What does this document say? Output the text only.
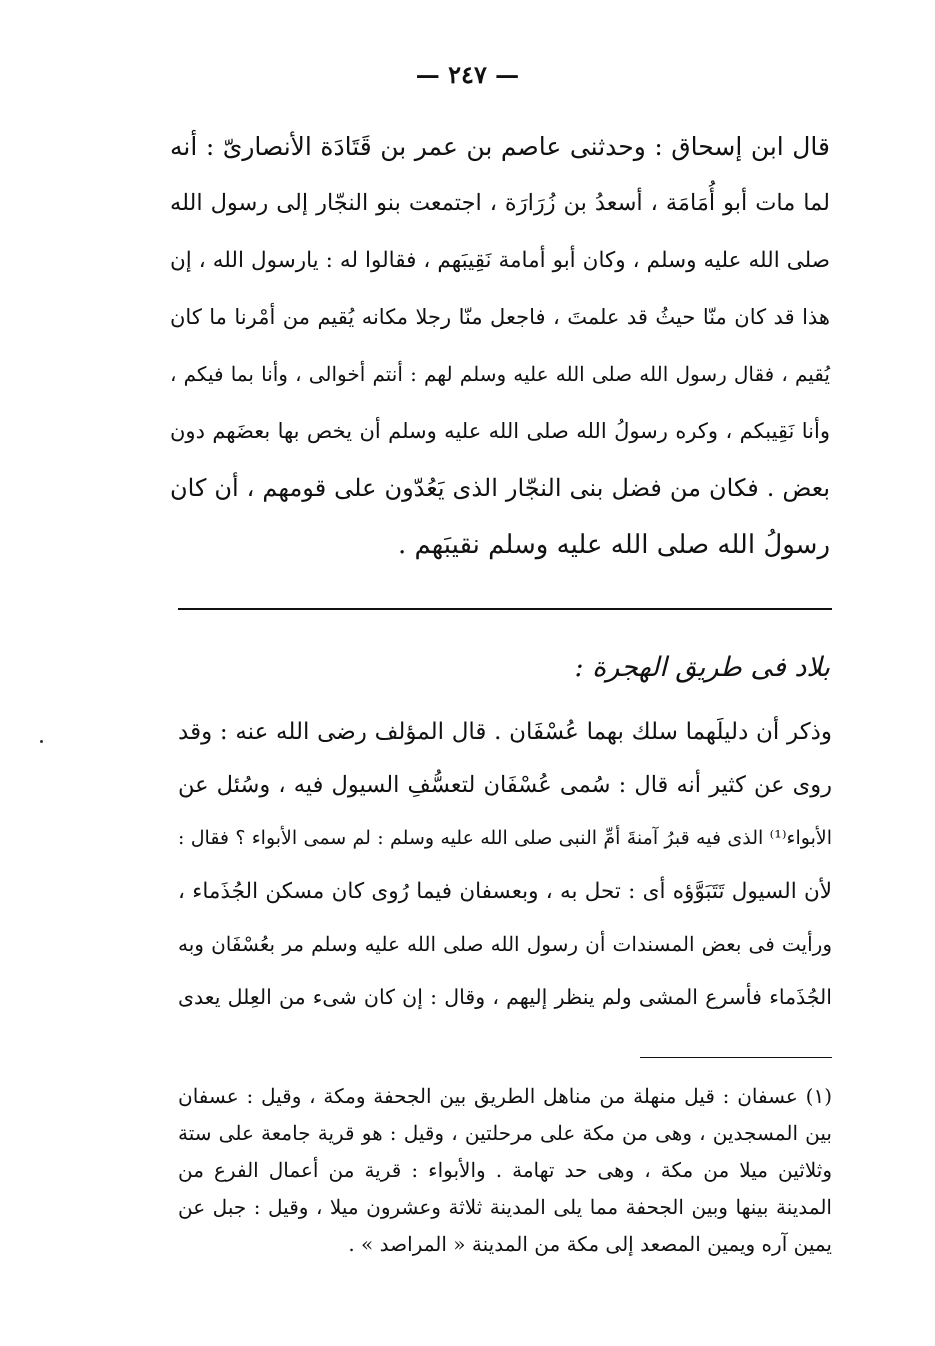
— ٢٤٧ —
قال ابن إسحاق : وحدثنى عاصم بن عمر بن قَتَادَة الأنصارىّ : أنه
لما مات أبو أُمَامَة ، أسعدُ بن زُرَارَة ، اجتمعت بنو النجّار إلى رسول الله
صلى الله عليه وسلم ، وكان أبو أمامة نَقِيبَهم ، فقالوا له : يارسول الله ، إن
هذا قد كان منّا حيثُ قد علمتَ ، فاجعل منّا رجلا مكانه يُقيم من أمْرنا ما كان
يُقيم ، فقال رسول الله صلى الله عليه وسلم لهم : أنتم أخوالى ، وأنا بما فيكم ،
وأنا نَقِيبكم ، وكره رسولُ الله صلى الله عليه وسلم أن يخص بها بعضَهم دون
بعض . فكان من فضل بنى النجّار الذى يَعُدّون على قومهم ، أن كان
رسولُ الله صلى الله عليه وسلم نقيبَهم .
بلاد فى طريق الهجرة :
وذكر أن دليلَهما سلك بهما عُسْفَان . قال المؤلف رضى الله عنه : وقد
روى عن كثير أنه قال : سُمى عُسْفَان لتعسُّفِ السيول فيه ، وسُئل عن
الأبواء⁽¹⁾ الذى فيه قبرُ آمنةَ أمِّ النبى صلى الله عليه وسلم : لم سمى الأبواء ؟ فقال :
لأن السيول تَتَبَوَّؤه أى : تحل به ، وبعسفان فيما رُوى كان مسكن الجُذَماء ،
ورأيت فى بعض المسندات أن رسول الله صلى الله عليه وسلم مر بعُسْفَان وبه
الجُذَماء فأسرع المشى ولم ينظر إليهم ، وقال : إن كان شىء من العِلل يعدى
(١) عسفان : قيل منهلة من مناهل الطريق بين الجحفة ومكة ، وقيل : عسفان
بين المسجدين ، وهى من مكة على مرحلتين ، وقيل : هو قرية جامعة على ستة
وثلاثين ميلا من مكة ، وهى حد تهامة . والأبواء : قرية من أعمال الفرع من
المدينة بينها وبين الجحفة مما يلى المدينة ثلاثة وعشرون ميلا ، وقيل : جبل عن
يمين آره ويمين المصعد إلى مكة من المدينة « المراصد » .
